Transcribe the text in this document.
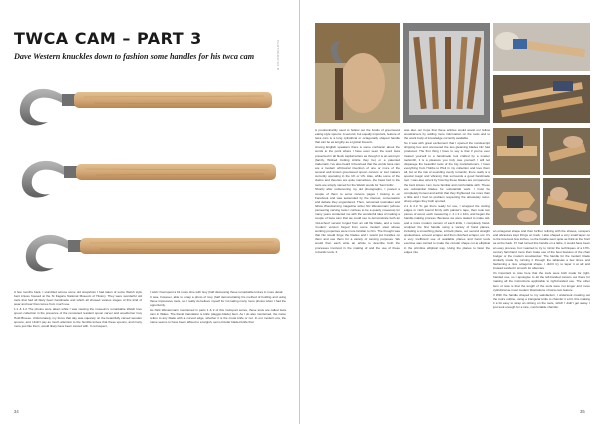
TWCA CAM – PART 3
Dave Western knuckles down to fashion some handles for his twca cam	PHOTOGRAPHS BY DAVE WESTERN

A few months back, I stumbled across some old snapshots I had taken of some Welsh style bent knives housed at the St Fagans National Museum of History. They were wonderful old tools that had all likely been handmade and which all showed various stages of this kind of wear and tear that comes from much use.

1.1 & 1.2 The photos were taken while I was viewing the museum's remarkable Welsh love spoon collection in the presence of the renowned resident spoon carver and woodturner Guy Hold Breese. Unfortunately, my focus that day was squarely on the beautifully carved wooden spoons, and I didn't pay as much attention to the humble knives that these spoons, and many more just like them, would likely have been carved with. In retrospect,

I wish I had spent a bit more time with Guy (half discussing these remarkable knives in more detail.

It was, however, able to snap a photo of Guy (half demonstrating his method of holding and using these impressive tools, so I really do believe myself for not taking many more photos when I had the opportunity.

As Nick Westermann mentioned in parts 1 & 2 of this multi-part series, these tools are called twca cam in Wales. The literal translation is knife (dagger-blade) bent. As I do also mentioned, the name refers to any blade with a curved edge, whether it is the crook knife or not. In our modern era, the name seems to have been affixed to a largish, semi-circular bladed knife that

34

is predominantly used to hollow out the bowls of greenwood eating style spoons. A second, but equally important, feature of twca cam is a long cylindrical or octagonally shaped handle that can be as lengthy as a typical forearm.

Among English speakers there is some confusion about the words to the point where I have even seen the word twca presented in all block capital letters as though it is an acronym (family, Wicked Cutting Article they be) or a patented trademark. I've also heard it theorised that the words twca cam are a modern whimsical invention of one or more of the several well known greenwood spoon carvers or tool makers currently operating in the UK or US. Alas, while some of the claims and theories are quite marvellous, the basic fact is the tools are simply named for the Welsh words for 'bent knife'.

Shortly after redisovering my old photographs, I posted a couple of them to some carvers pages I belong to on Facebook and was astounded by the interest, conversation and debate they engendered. Then, renowned toolmaker and fellow Woodcarving magazine writer Nic Westermann (whose pioneering carving tools I confess to be a quietly covetous) for many years contacted me with the wonderful idea of making a couple of twca cam that we could use to demonstrate both an 'old-school' version forged from an old file blade, and a more 'modern' version forged from some modern steel whose working properties were more familiar to him. The thought was that Nic would forge the blades and I would put handles on them and use them for a variety of carving purposes. We would then each write an article to describe both the processes involved in the making of and the use of these romantic tools. It

was also our hope that these articles would assist our fellow woodcarvers by adding more information on the tools and to the scant body of knowledge currently available.

So it was with great excitement that I opened the nondescript shipping box and uncovered the two gleaming blades Nic had produced. The first thing I have to say is that if you've ever treated yourself to a handmade tool crafted by a master toolsmith, it is a pleasure you truly owe yourself. I will not disparage the beautiful tools of the big manufacturers, I have everything from Hobbs to Pfeil in my collection and love them all, but at the risk of sounding overly romantic, there really is a special magic and vibrancy that surrounds a good handmade tool. I was also struck by how big these blades are compared to the bent knives I am more familiar and comfortable with. These are substantial blades for substantial work. I must be completely honest and admit that they frightened me more than a little and I had no problem respecting the absolutely razor-sharp edges they both sported.

2.1 & 2.2 To get them ready for use, I wrapped the cutting edges in cloth bound firmly with painter's tape, then took two pieces of wood, each measuring c. 2 x 2 x 12in, and began the handle-making process. Because we were tasked to make old- and a more modern version of each knife, I completely hand-sculpted the first handle using a variety of hand planes, including a smoothing plane, a block plane, our second straight spokeshave, a bevel scraper and then clutched scraper, etc. It's a very inefficient use of available planes and hand tools exercise was carried to make the circular shape cut at elliptical in the primitive elliptical way. Using the planes to facet the edges into

an octagonal shape and then further refining with the shaves, scrapers and abrasives kept things on track. I also shaped a very small taper on to the foremost few inches, so the handle went quite as thick at the front as at the back. If I had turned this handle on a lathe, it would have been an easy process, but I wanted to try to mimic the techniques of a 17th-century farmhand more than make use of the best features of the chair bodger or the modern woodworker. The handle for the modern blade similarly made by running it through the tablesaw a few times and fashioning a nice octagonal shape. I didn't try to taper it at all and instead sanded it smooth for aftercare.

It's important to note here that the tools were both made for right-handed use, so I apologise to all the left-handed carvers out there for making all the instructions applicable to right-handed use. The other item of note is that the length of the tools were not longer and more cylindrical as most modern illustrations of twca cam feature.

3 With the handle shaped to my satisfaction, I undertook creating out the tool's outline, using a triangular knife to chamfer it a bit, this making it a bit easy to wrap an oblong on the tools, which I didn't get away. I just took enough for a nice, comfortable chamfer.

35
